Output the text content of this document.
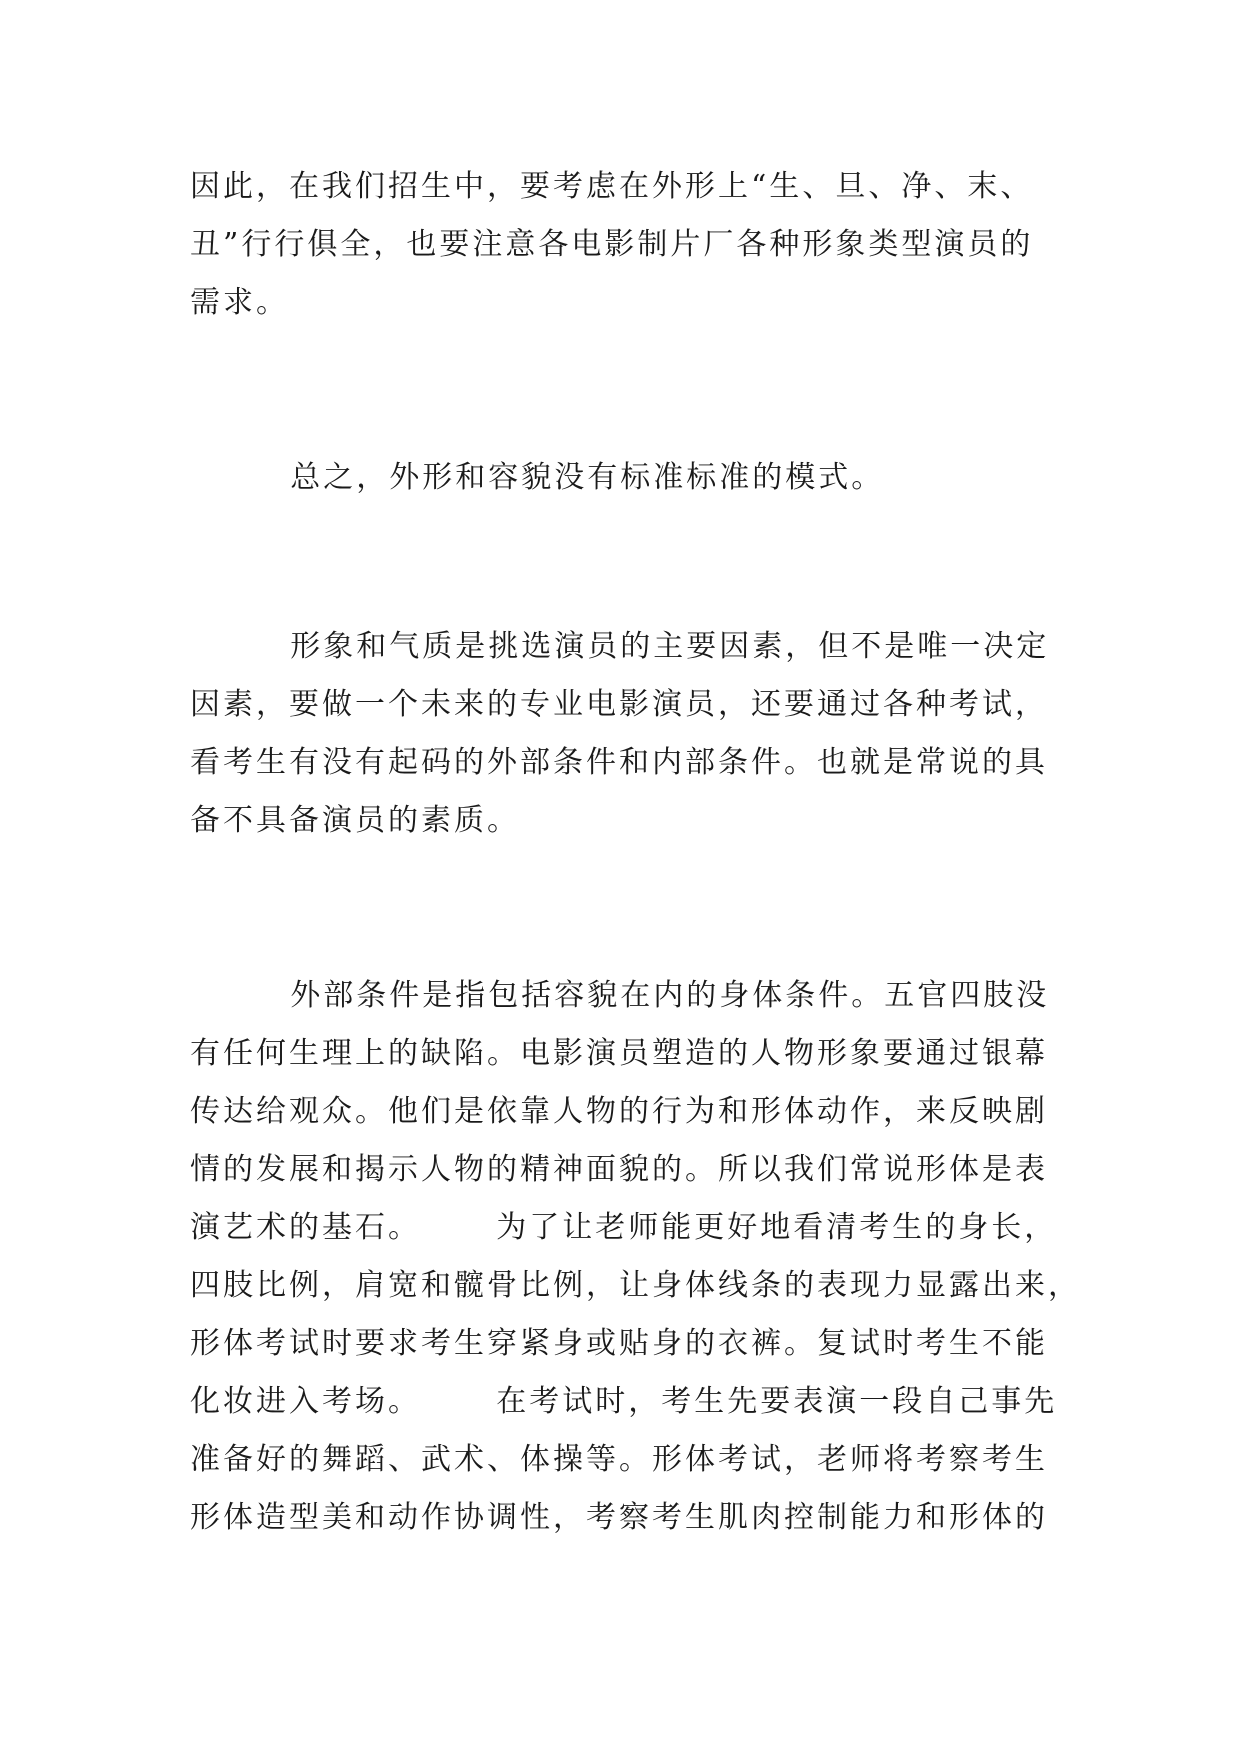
因此，在我们招生中，要考虑在外形上“生、旦、净、末、
丑”行行俱全，也要注意各电影制片厂各种形象类型演员的
需求。
总之，外形和容貌没有标准标准的模式。
形象和气质是挑选演员的主要因素，但不是唯一决定
因素，要做一个未来的专业电影演员，还要通过各种考试，
看考生有没有起码的外部条件和内部条件。也就是常说的具
备不具备演员的素质。
外部条件是指包括容貌在内的身体条件。五官四肢没
有任何生理上的缺陷。电影演员塑造的人物形象要通过银幕
传达给观众。他们是依靠人物的行为和形体动作，来反映剧
情的发展和揭示人物的精神面貌的。所以我们常说形体是表
演艺术的基石。      为了让老师能更好地看清考生的身长，
四肢比例，肩宽和髋骨比例，让身体线条的表现力显露出来，
形体考试时要求考生穿紧身或贴身的衣裤。复试时考生不能
化妆进入考场。      在考试时，考生先要表演一段自己事先
准备好的舞蹈、武术、体操等。形体考试，老师将考察考生
形体造型美和动作协调性，考察考生肌肉控制能力和形体的
